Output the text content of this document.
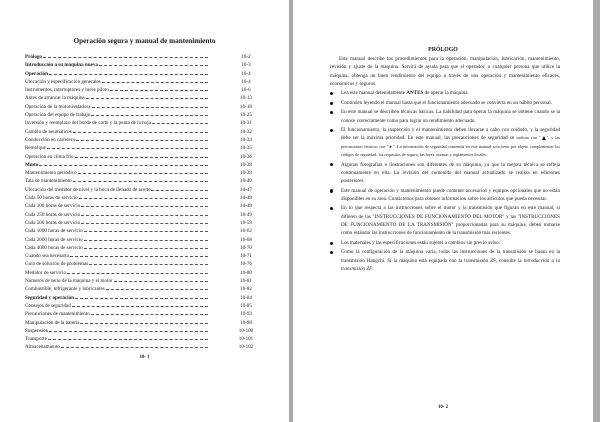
Operación segura y manual de mantenimiento
Prólogo	10-2
Introducción a su máquina nueva	10-3
Operación	10-4
Ubicación y especificación generales	10-4
Instrumentos, interruptores y luces piloto	10-6
Antes de arrancar la máquina	10-13
Operación de la motoniveladora	10-18
Operación del equipo de trabajo	10-25
Inversión y reemplazo del borde de corte y la punta de la hoja	10-31
Cambio de neumáticos	10-32
Conducción en carretera	10-34
Remolque	10-35
Operación en clima frío	10-36
Mmto	10-38
Mantenimiento periódico	10-39
Tala de mantenimiento	10-40
Ubicación del medidor de nivel y la boca de llenado de aceite	10-47
Cada 50 horas de servicio	10-48
Cada 100 horas de servicio	10-48
Cada 250 horas de servicio	10-49
Cada 500 horas de servicio	10-59
Cada 1000 horas de servicio	10-62
Cada 2000 horas de servicio	10-68
Cada 4000 horas de servicio	10-70
Cuando sea necesario	10-71
Guía de solución de problemas	10-76
Medidor de servicio	10-80
Números de serie de la máquina y el motor	10-81
Combustible, refrigerante y lubricantes	10-82
Seguridad y operación	10-84
Consejos de seguridad	10-85
Precauciones de mantenimiento	10-93
Manipulación de la batería	10-98
Suspensión	10-100
Transporte	10-101
Almacenamiento	10-102
10- 1
PRÓLOGO

Este manual describe los procedimientos para la operación, manipulación, lubricación, mantenimiento, revisión y ajuste de la máquina. Servirá de ayuda para que el operador, o cualquier persona que utilice la máquina, obtenga un buen rendimiento del equipo a través de una operación y mantenimiento eficaces, económicos y seguros.

Lea este manual detenidamente ANTES de operar la máquina.
Continúen leyendo el manual hasta que el funcionamiento adecuado se convierta en un hábito personal.
En este manual se describen técnicas básicas. La habilidad para operar la máquina se obtiene cuando se la conoce correctamente como para lograr un rendimiento adecuado.
El funcionamiento, la inspección y el mantenimiento deben llevarse a cabo con cuidado, y la seguridad debe ser la máxima prioridad. En este manual, las precauciones de seguridad se indican con " ", y las precauciones técnicas con "★". La información de seguridad contenida en este manual solo tiene por objeto complementar los códigos de seguridad, los requisitos de seguro, las leyes, normas y reglamentos locales.
Algunas fotografías e ilustraciones son diferentes de su máquina, ya que la mejora técnica se refleja continuamente en ella. La revisión del contenido del manual actualizado se realiza en ediciones posteriores.
Este manual de operación y mantenimiento puede contener accesorios y equipos opcionales que no están disponibles en su área. Contáctenos para obtener información sobre los artículos que pueda necesitar.
En lo que respecta a las instrucciones sobre el motor y la transmisión que figuran en este manual, si difieren de las "INSTRUCCIONES DE FUNCIONAMIENTO DEL MOTOR" y las "INSTRUCCIONES DE FUNCIONAMIENTO DE LA TRANSMISIÓN" proporcionadas para su máquina, deben tomarse como estándar las instrucciones de funcionamiento de la transmisión más recientes.
Los materiales y las especificaciones están sujetos a cambios sin previo aviso.
Como la configuración de la máquina varía, todas las instrucciones de la transmisión se basan en la transmisión Hangchi. Si la máquina está equipada con la transmisión ZF, consulte la introducción a la transmisión ZF.
10- 2
